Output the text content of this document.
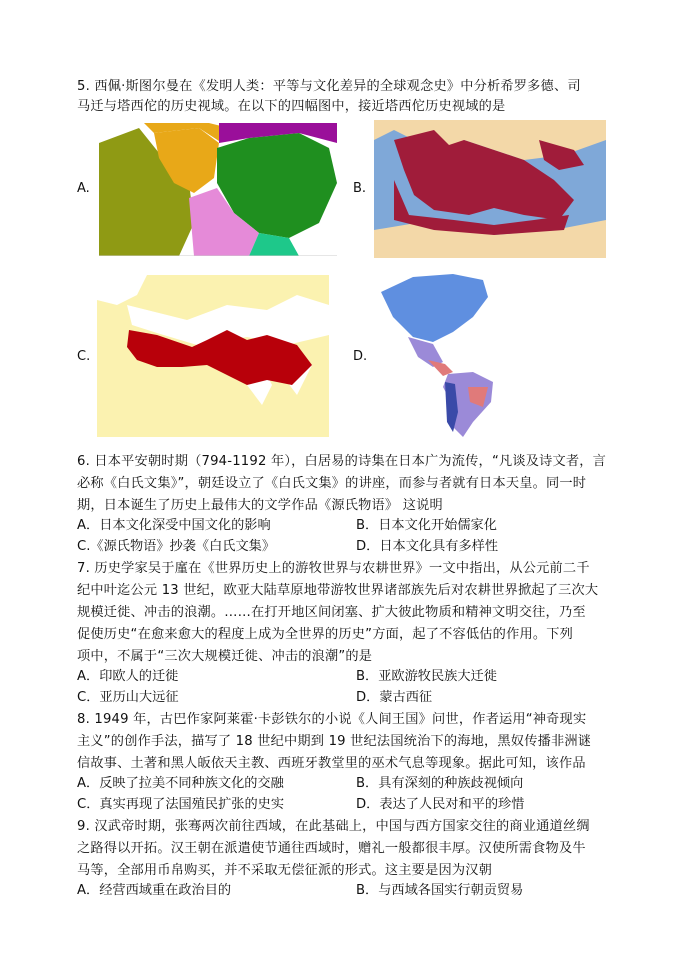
5. 西佩·斯图尔曼在《发明人类：平等与文化差异的全球观念史》中分析希罗多德、司
马迁与塔西佗的历史视域。在以下的四幅图中，接近塔西佗历史视域的是
A.	B.
C.	D.
6. 日本平安朝时期（794-1192 年），白居易的诗集在日本广为流传，“凡谈及诗文者，言
必称《白氏文集》”，朝廷设立了《白氏文集》的讲座，而参与者就有日本天皇。同一时
期，日本诞生了历史上最伟大的文学作品《源氏物语》 这说明
A．日本文化深受中国文化的影响	B．日本文化开始儒家化
C.《源氏物语》抄袭《白氏文集》	D．日本文化具有多样性
7. 历史学家吴于廑在《世界历史上的游牧世界与农耕世界》一文中指出，从公元前二千
纪中叶迄公元 13 世纪，欧亚大陆草原地带游牧世界诸部族先后对农耕世界掀起了三次大
规模迁徙、冲击的浪潮。……在打开地区间闭塞、扩大彼此物质和精神文明交往，乃至
促使历史“在愈来愈大的程度上成为全世界的历史”方面，起了不容低估的作用。下列
项中，不属于“三次大规模迁徙、冲击的浪潮”的是
A．印欧人的迁徙	B．亚欧游牧民族大迁徙
C．亚历山大远征	D．蒙古西征
8. 1949 年，古巴作家阿莱霍·卡彭铁尔的小说《人间王国》问世，作者运用“神奇现实
主义”的创作手法，描写了 18 世纪中期到 19 世纪法国统治下的海地，黑奴传播非洲谜
信故事、土著和黑人皈依天主教、西班牙教堂里的巫术气息等现象。据此可知，该作品
A．反映了拉美不同种族文化的交融	B．具有深刻的种族歧视倾向
C．真实再现了法国殖民扩张的史实	D．表达了人民对和平的珍惜
9. 汉武帝时期，张骞两次前往西域，在此基础上，中国与西方国家交往的商业通道丝绸
之路得以开拓。汉王朝在派遣使节通往西域时，赠礼一般都很丰厚。汉使所需食物及牛
马等，全部用币帛购买，并不采取无偿征派的形式。这主要是因为汉朝
A．经营西域重在政治目的	B．与西域各国实行朝贡贸易
